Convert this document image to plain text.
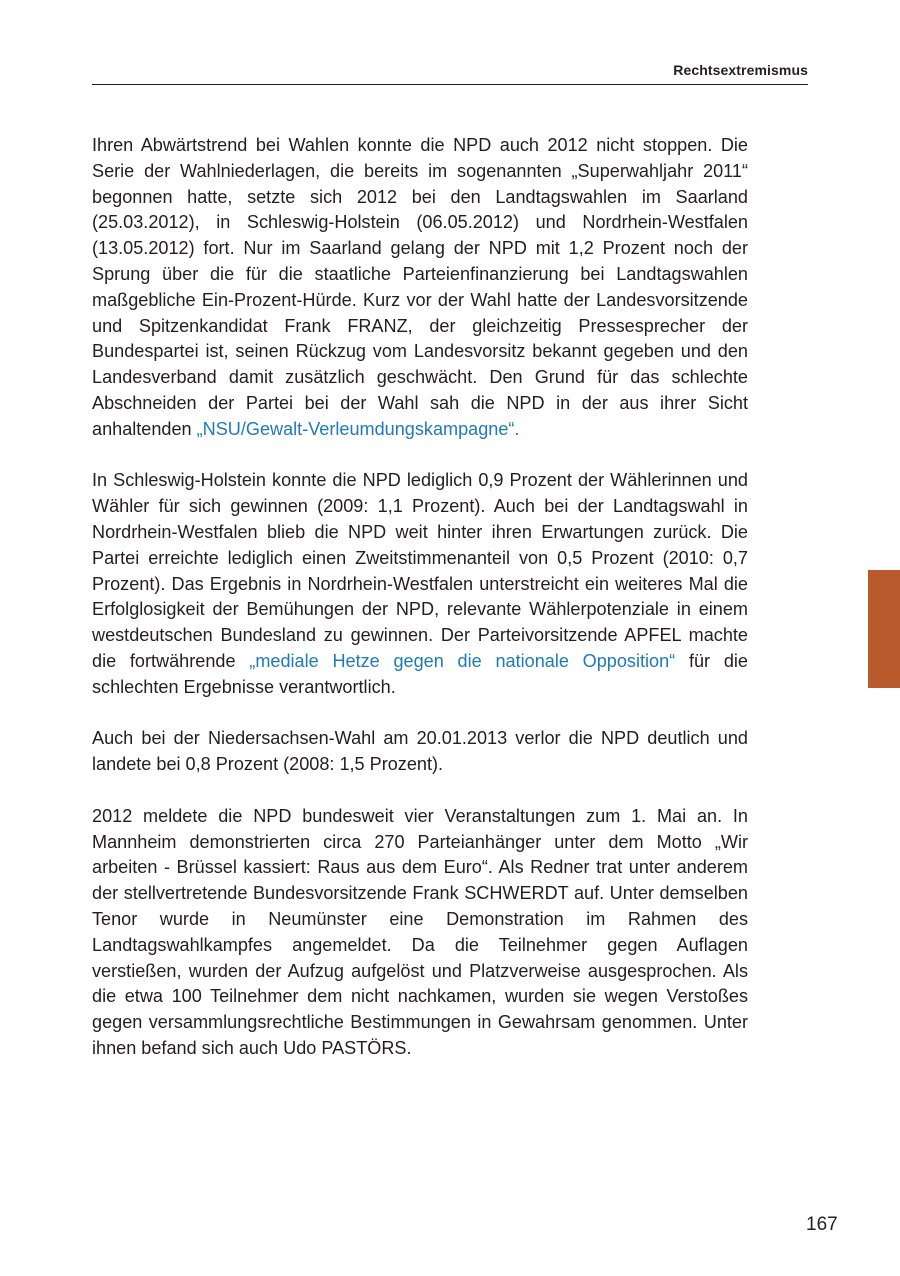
Rechtsextremismus

Ihren Abwärtstrend bei Wahlen konnte die NPD auch 2012 nicht stoppen. Die Serie der Wahlniederlagen, die bereits im sogenannten „Superwahljahr 2011“ begonnen hatte, setzte sich 2012 bei den Landtagswahlen im Saarland (25.03.2012), in Schleswig-Holstein (06.05.2012) und Nordrhein-Westfalen (13.05.2012) fort. Nur im Saarland gelang der NPD mit 1,2 Prozent noch der Sprung über die für die staatliche Parteienfinanzierung bei Landtagswahlen maßgebliche Ein-Prozent-Hürde. Kurz vor der Wahl hatte der Landesvorsitzende und Spitzenkandidat Frank FRANZ, der gleichzeitig Pressesprecher der Bundespartei ist, seinen Rückzug vom Landesvorsitz bekannt gegeben und den Landesverband damit zusätzlich geschwächt. Den Grund für das schlechte Abschneiden der Partei bei der Wahl sah die NPD in der aus ihrer Sicht anhaltenden „NSU/Gewalt-Verleumdungskampagne“.

In Schleswig-Holstein konnte die NPD lediglich 0,9 Prozent der Wählerinnen und Wähler für sich gewinnen (2009: 1,1 Prozent). Auch bei der Landtagswahl in Nordrhein-Westfalen blieb die NPD weit hinter ihren Erwartungen zurück. Die Partei erreichte lediglich einen Zweitstimmenanteil von 0,5 Prozent (2010: 0,7 Prozent). Das Ergebnis in Nordrhein-Westfalen unterstreicht ein weiteres Mal die Erfolglosigkeit der Bemühungen der NPD, relevante Wählerpotenziale in einem westdeutschen Bundesland zu gewinnen. Der Parteivorsitzende APFEL machte die fortwährende „mediale Hetze gegen die nationale Opposition“ für die schlechten Ergebnisse verantwortlich.

Auch bei der Niedersachsen-Wahl am 20.01.2013 verlor die NPD deutlich und landete bei 0,8 Prozent (2008: 1,5 Prozent).

2012 meldete die NPD bundesweit vier Veranstaltungen zum 1. Mai an. In Mannheim demonstrierten circa 270 Parteianhänger unter dem Motto „Wir arbeiten - Brüssel kassiert: Raus aus dem Euro“. Als Redner trat unter anderem der stellvertretende Bundesvorsitzende Frank SCHWERDT auf. Unter demselben Tenor wurde in Neumünster eine Demonstration im Rahmen des Landtagswahlkampfes angemeldet. Da die Teilnehmer gegen Auflagen verstießen, wurden der Aufzug aufgelöst und Platzverweise ausgesprochen. Als die etwa 100 Teilnehmer dem nicht nachkamen, wurden sie wegen Verstoßes gegen versammlungsrechtliche Bestimmungen in Gewahrsam genommen. Unter ihnen befand sich auch Udo PASTÖRS.

167
